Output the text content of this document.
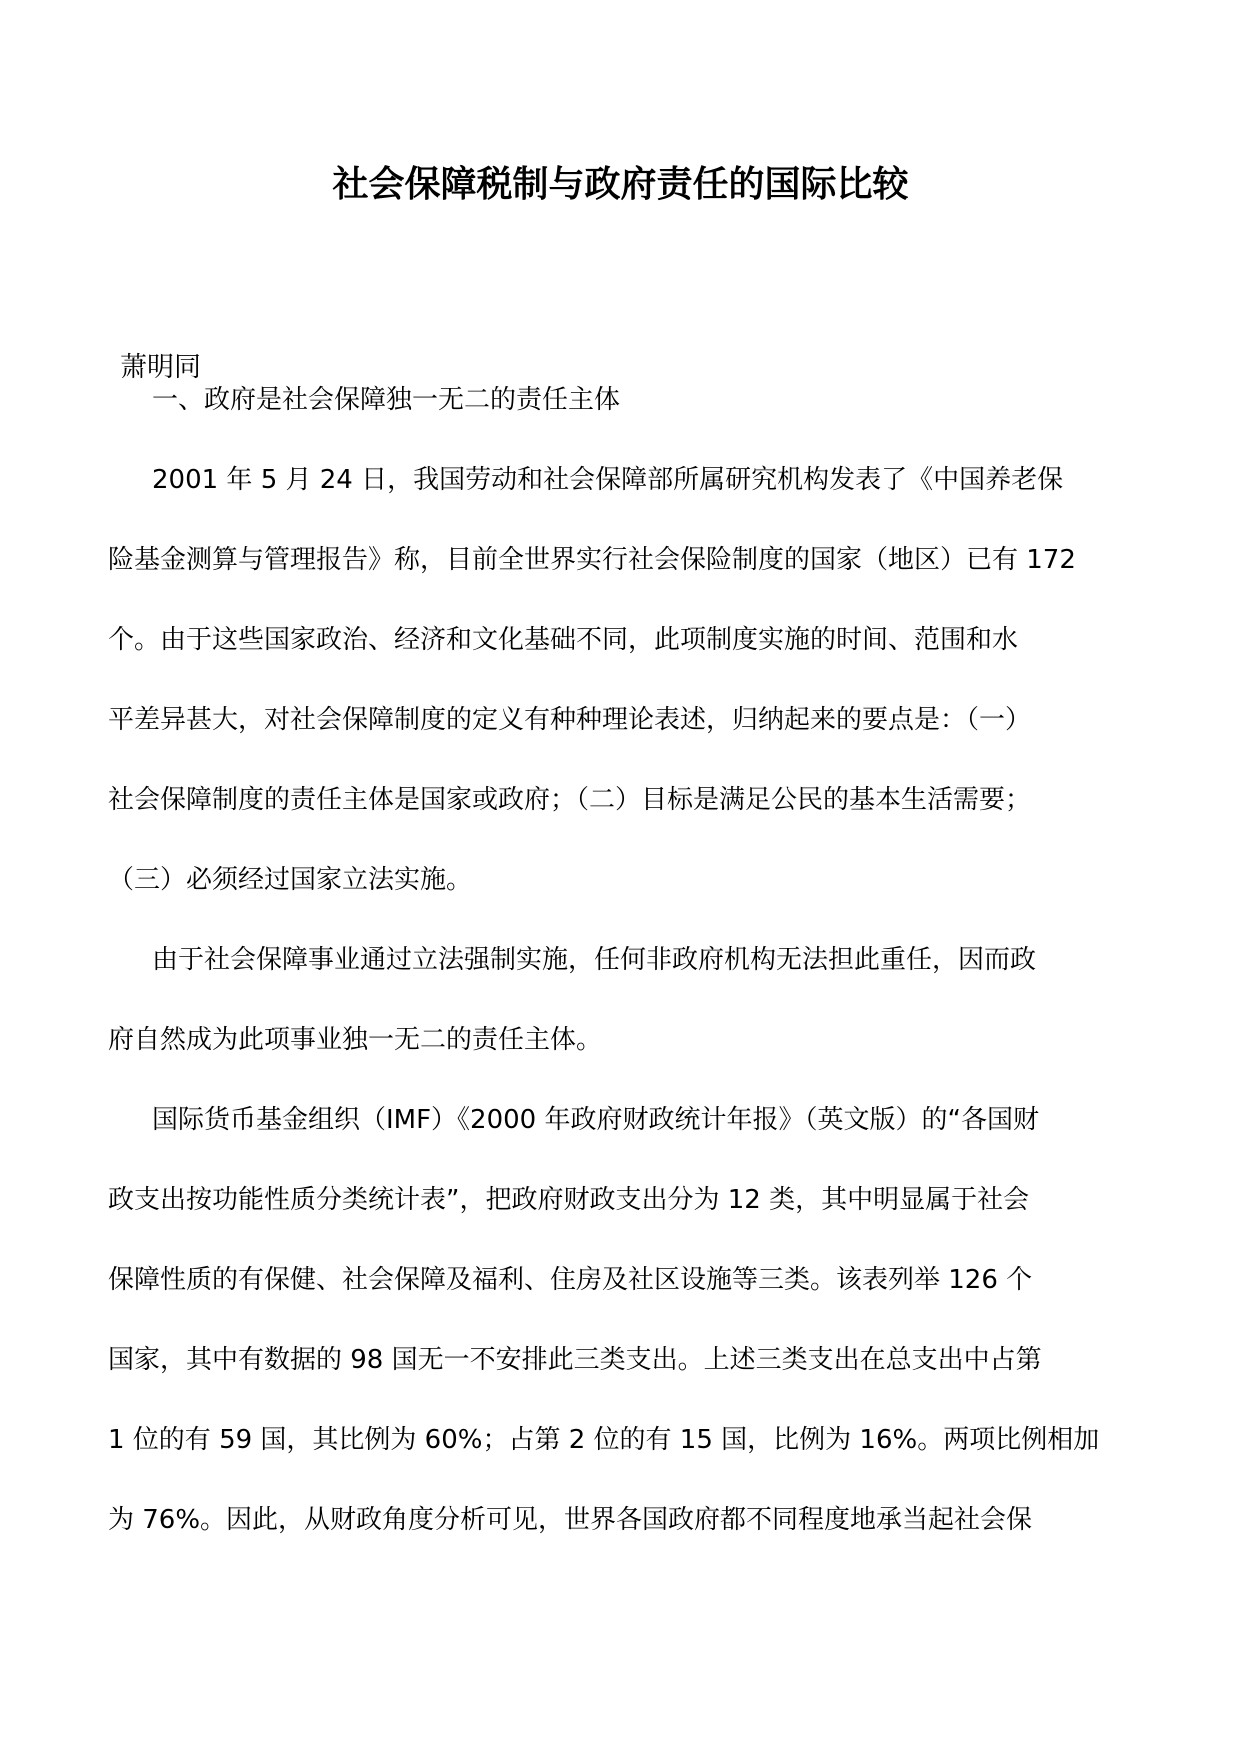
社会保障税制与政府责任的国际比较

萧明同

一、政府是社会保障独一无二的责任主体
2001 年 5 月 24 日，我国劳动和社会保障部所属研究机构发表了《中国养老保
险基金测算与管理报告》称，目前全世界实行社会保险制度的国家（地区）已有 172
个。由于这些国家政治、经济和文化基础不同，此项制度实施的时间、范围和水
平差异甚大，对社会保障制度的定义有种种理论表述，归纳起来的要点是：（一）
社会保障制度的责任主体是国家或政府；（二）目标是满足公民的基本生活需要；
（三）必须经过国家立法实施。
由于社会保障事业通过立法强制实施，任何非政府机构无法担此重任，因而政
府自然成为此项事业独一无二的责任主体。
国际货币基金组织（IMF）《2000 年政府财政统计年报》（英文版）的“各国财
政支出按功能性质分类统计表”，把政府财政支出分为 12 类，其中明显属于社会
保障性质的有保健、社会保障及福利、住房及社区设施等三类。该表列举 126 个
国家，其中有数据的 98 国无一不安排此三类支出。上述三类支出在总支出中占第
1 位的有 59 国，其比例为 60%；占第 2 位的有 15 国，比例为 16%。两项比例相加
为 76%。因此，从财政角度分析可见，世界各国政府都不同程度地承当起社会保
